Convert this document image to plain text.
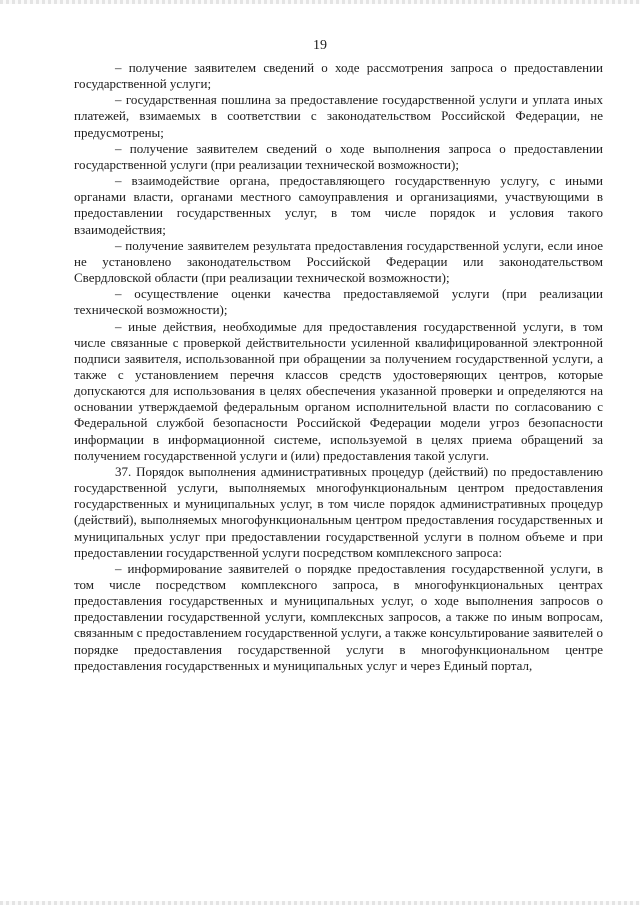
19

– получение заявителем сведений о ходе рассмотрения запроса о предоставлении государственной услуги;

– государственная пошлина за предоставление государственной услуги и уплата иных платежей, взимаемых в соответствии с законодательством Российской Федерации, не предусмотрены;

– получение заявителем сведений о ходе выполнения запроса о предоставлении государственной услуги (при реализации технической возможности);

– взаимодействие органа, предоставляющего государственную услугу, с иными органами власти, органами местного самоуправления и организациями, участвующими в предоставлении государственных услуг, в том числе порядок и условия такого взаимодействия;

– получение заявителем результата предоставления государственной услуги, если иное не установлено законодательством Российской Федерации или законодательством Свердловской области (при реализации технической возможности);

– осуществление оценки качества предоставляемой услуги (при реализации технической возможности);

– иные действия, необходимые для предоставления государственной услуги, в том числе связанные с проверкой действительности усиленной квалифицированной электронной подписи заявителя, использованной при обращении за получением государственной услуги, а также с установлением перечня классов средств удостоверяющих центров, которые допускаются для использования в целях обеспечения указанной проверки и определяются на основании утверждаемой федеральным органом исполнительной власти по согласованию с Федеральной службой безопасности Российской Федерации модели угроз безопасности информации в информационной системе, используемой в целях приема обращений за получением государственной услуги и (или) предоставления такой услуги.

37. Порядок выполнения административных процедур (действий) по предоставлению государственной услуги, выполняемых многофункциональным центром предоставления государственных и муниципальных услуг, в том числе порядок административных процедур (действий), выполняемых многофункциональным центром предоставления государственных и муниципальных услуг при предоставлении государственной услуги в полном объеме и при предоставлении государственной услуги посредством комплексного запроса:

– информирование заявителей о порядке предоставления государственной услуги, в том числе посредством комплексного запроса, в многофункциональных центрах предоставления государственных и муниципальных услуг, о ходе выполнения запросов о предоставлении государственной услуги, комплексных запросов, а также по иным вопросам, связанным с предоставлением государственной услуги, а также консультирование заявителей о порядке предоставления государственной услуги в многофункциональном центре предоставления государственных и муниципальных услуг и через Единый портал,
